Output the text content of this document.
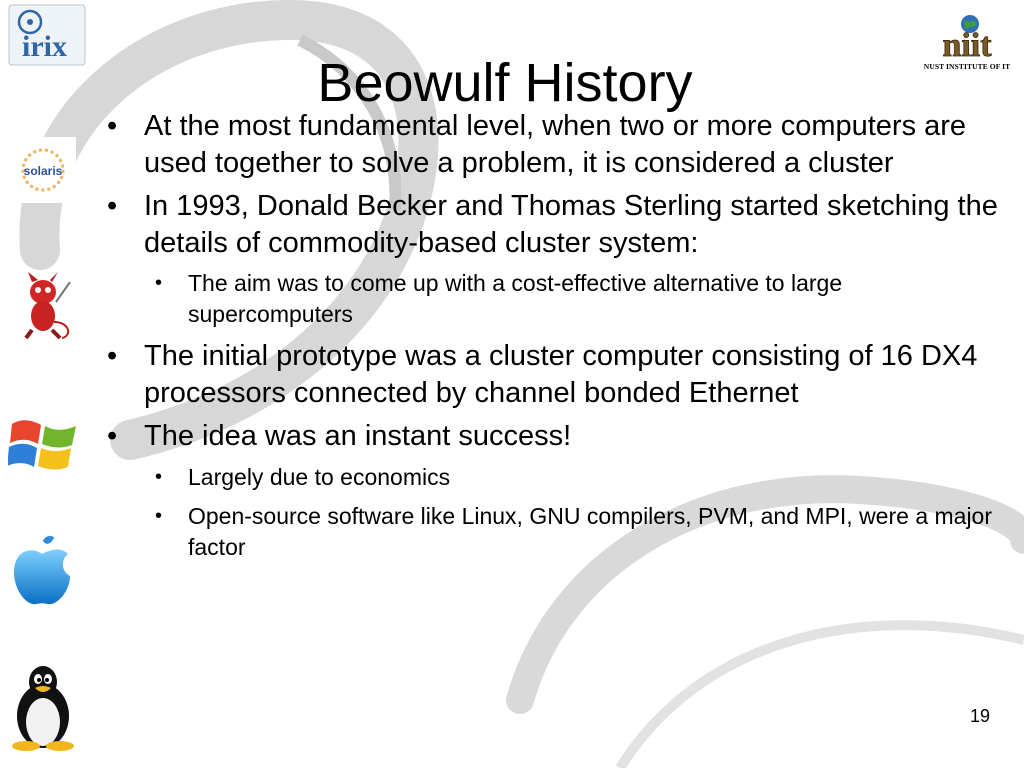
irix
solaris
niit
NUST INSTITUTE OF IT
Beowulf History
• At the most fundamental level, when two or more computers are used together to solve a problem, it is considered a cluster
• In 1993, Donald Becker and Thomas Sterling started sketching the details of commodity-based cluster system:
• The aim was to come up with a cost-effective alternative to large supercomputers
• The initial prototype was a cluster computer consisting of 16 DX4 processors connected by channel bonded Ethernet
• The idea was an instant success!
• Largely due to economics
• Open-source software like Linux, GNU compilers, PVM, and MPI, were a major factor
19
